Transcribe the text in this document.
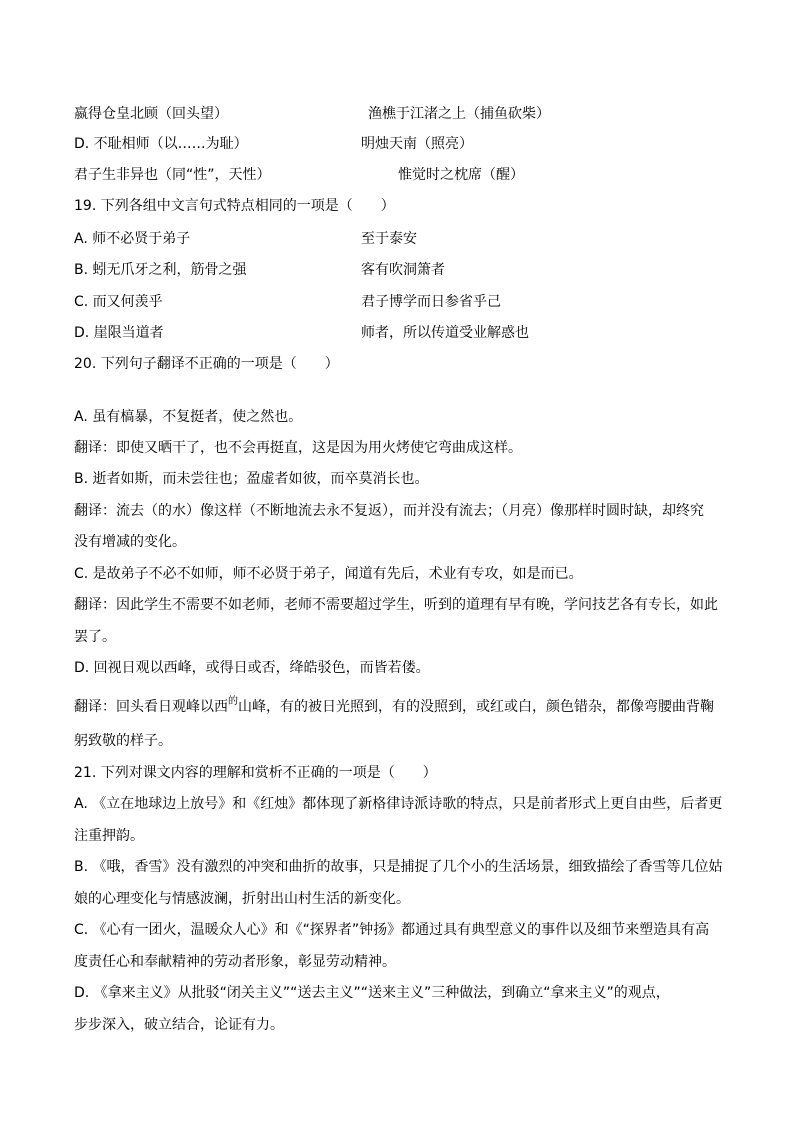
嬴得仓皇北顾（回头望）	渔樵于江渚之上（捕鱼砍柴）
D. 不耻相师（以……为耻）	明烛天南（照亮）
君子生非异也（同“性”，天性）	惟觉时之枕席（醒）
19. 下列各组中文言句式特点相同的一项是（　　）
A. 师不必贤于弟子	至于泰安
B. 蚓无爪牙之利，筋骨之强	客有吹洞箫者
C. 而又何羡乎	君子博学而日参省乎己
D. 崖限当道者	师者，所以传道受业解惑也
20. 下列句子翻译不正确的一项是（　　）
A. 虽有槁暴，不复挺者，使之然也。
翻译：即使又晒干了，也不会再挺直，这是因为用火烤使它弯曲成这样。
B. 逝者如斯，而未尝往也；盈虚者如彼，而卒莫消长也。
翻译：流去（的水）像这样（不断地流去永不复返），而并没有流去；（月亮）像那样时圆时缺，却终究
没有增减的变化。
C. 是故弟子不必不如师，师不必贤于弟子，闻道有先后，术业有专攻，如是而已。
翻译：因此学生不需要不如老师，老师不需要超过学生，听到的道理有早有晚，学问技艺各有专长，如此
罢了。
D. 回视日观以西峰，或得日或否，绛皓驳色，而皆若偻。
翻译：回头看日观峰以西$^的$山峰，有的被日光照到，有的没照到，或红或白，颜色错杂，都像弯腰曲背鞠
躬致敬的样子。
21. 下列对课文内容的理解和赏析不正确的一项是（　　）
A. 《立在地球边上放号》和《红烛》都体现了新格律诗派诗歌的特点，只是前者形式上更自由些，后者更
注重押韵。
B. 《哦，香雪》没有激烈的冲突和曲折的故事，只是捕捉了几个小的生活场景，细致描绘了香雪等几位姑
娘的心理变化与情感波澜，折射出山村生活的新变化。
C. 《心有一团火，温暖众人心》和《“探界者”钟扬》都通过具有典型意义的事件以及细节来塑造具有高
度责任心和奉献精神的劳动者形象，彰显劳动精神。
D. 《拿来主义》从批驳“闭关主义”“送去主义”“送来主义”三种做法，到确立“拿来主义”的观点，
步步深入，破立结合，论证有力。
